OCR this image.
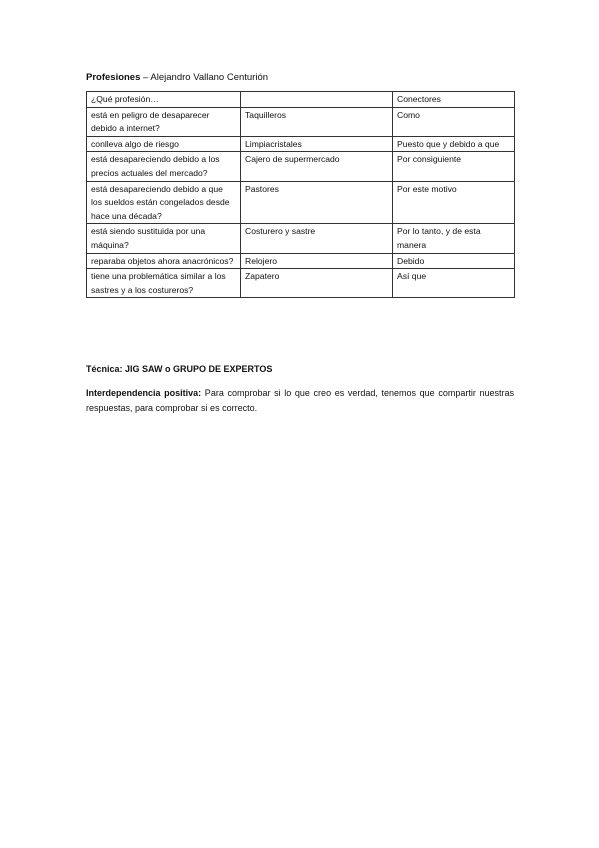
Profesiones – Alejandro Vallano Centurión
¿Qué profesión…		Conectores
está en peligro de desaparecer debido a internet?	Taquilleros	Como
conlleva algo de riesgo	Limpiacristales	Puesto que y debido a que
está desapareciendo debido a los precios actuales del mercado?	Cajero de supermercado	Por consiguiente
está desapareciendo debido a que los sueldos están congelados desde hace una década?	Pastores	Por este motivo
está siendo sustituida por una máquina?	Costurero y sastre	Por lo tanto, y de esta manera
reparaba objetos ahora anacrónicos?	Relojero	Debido
tiene una problemática similar a los sastres y a los costureros?	Zapatero	Así que
Técnica: JIG SAW o GRUPO DE EXPERTOS
Interdependencia positiva: Para comprobar si lo que creo es verdad, tenemos que compartir nuestras respuestas, para comprobar si es correcto.
